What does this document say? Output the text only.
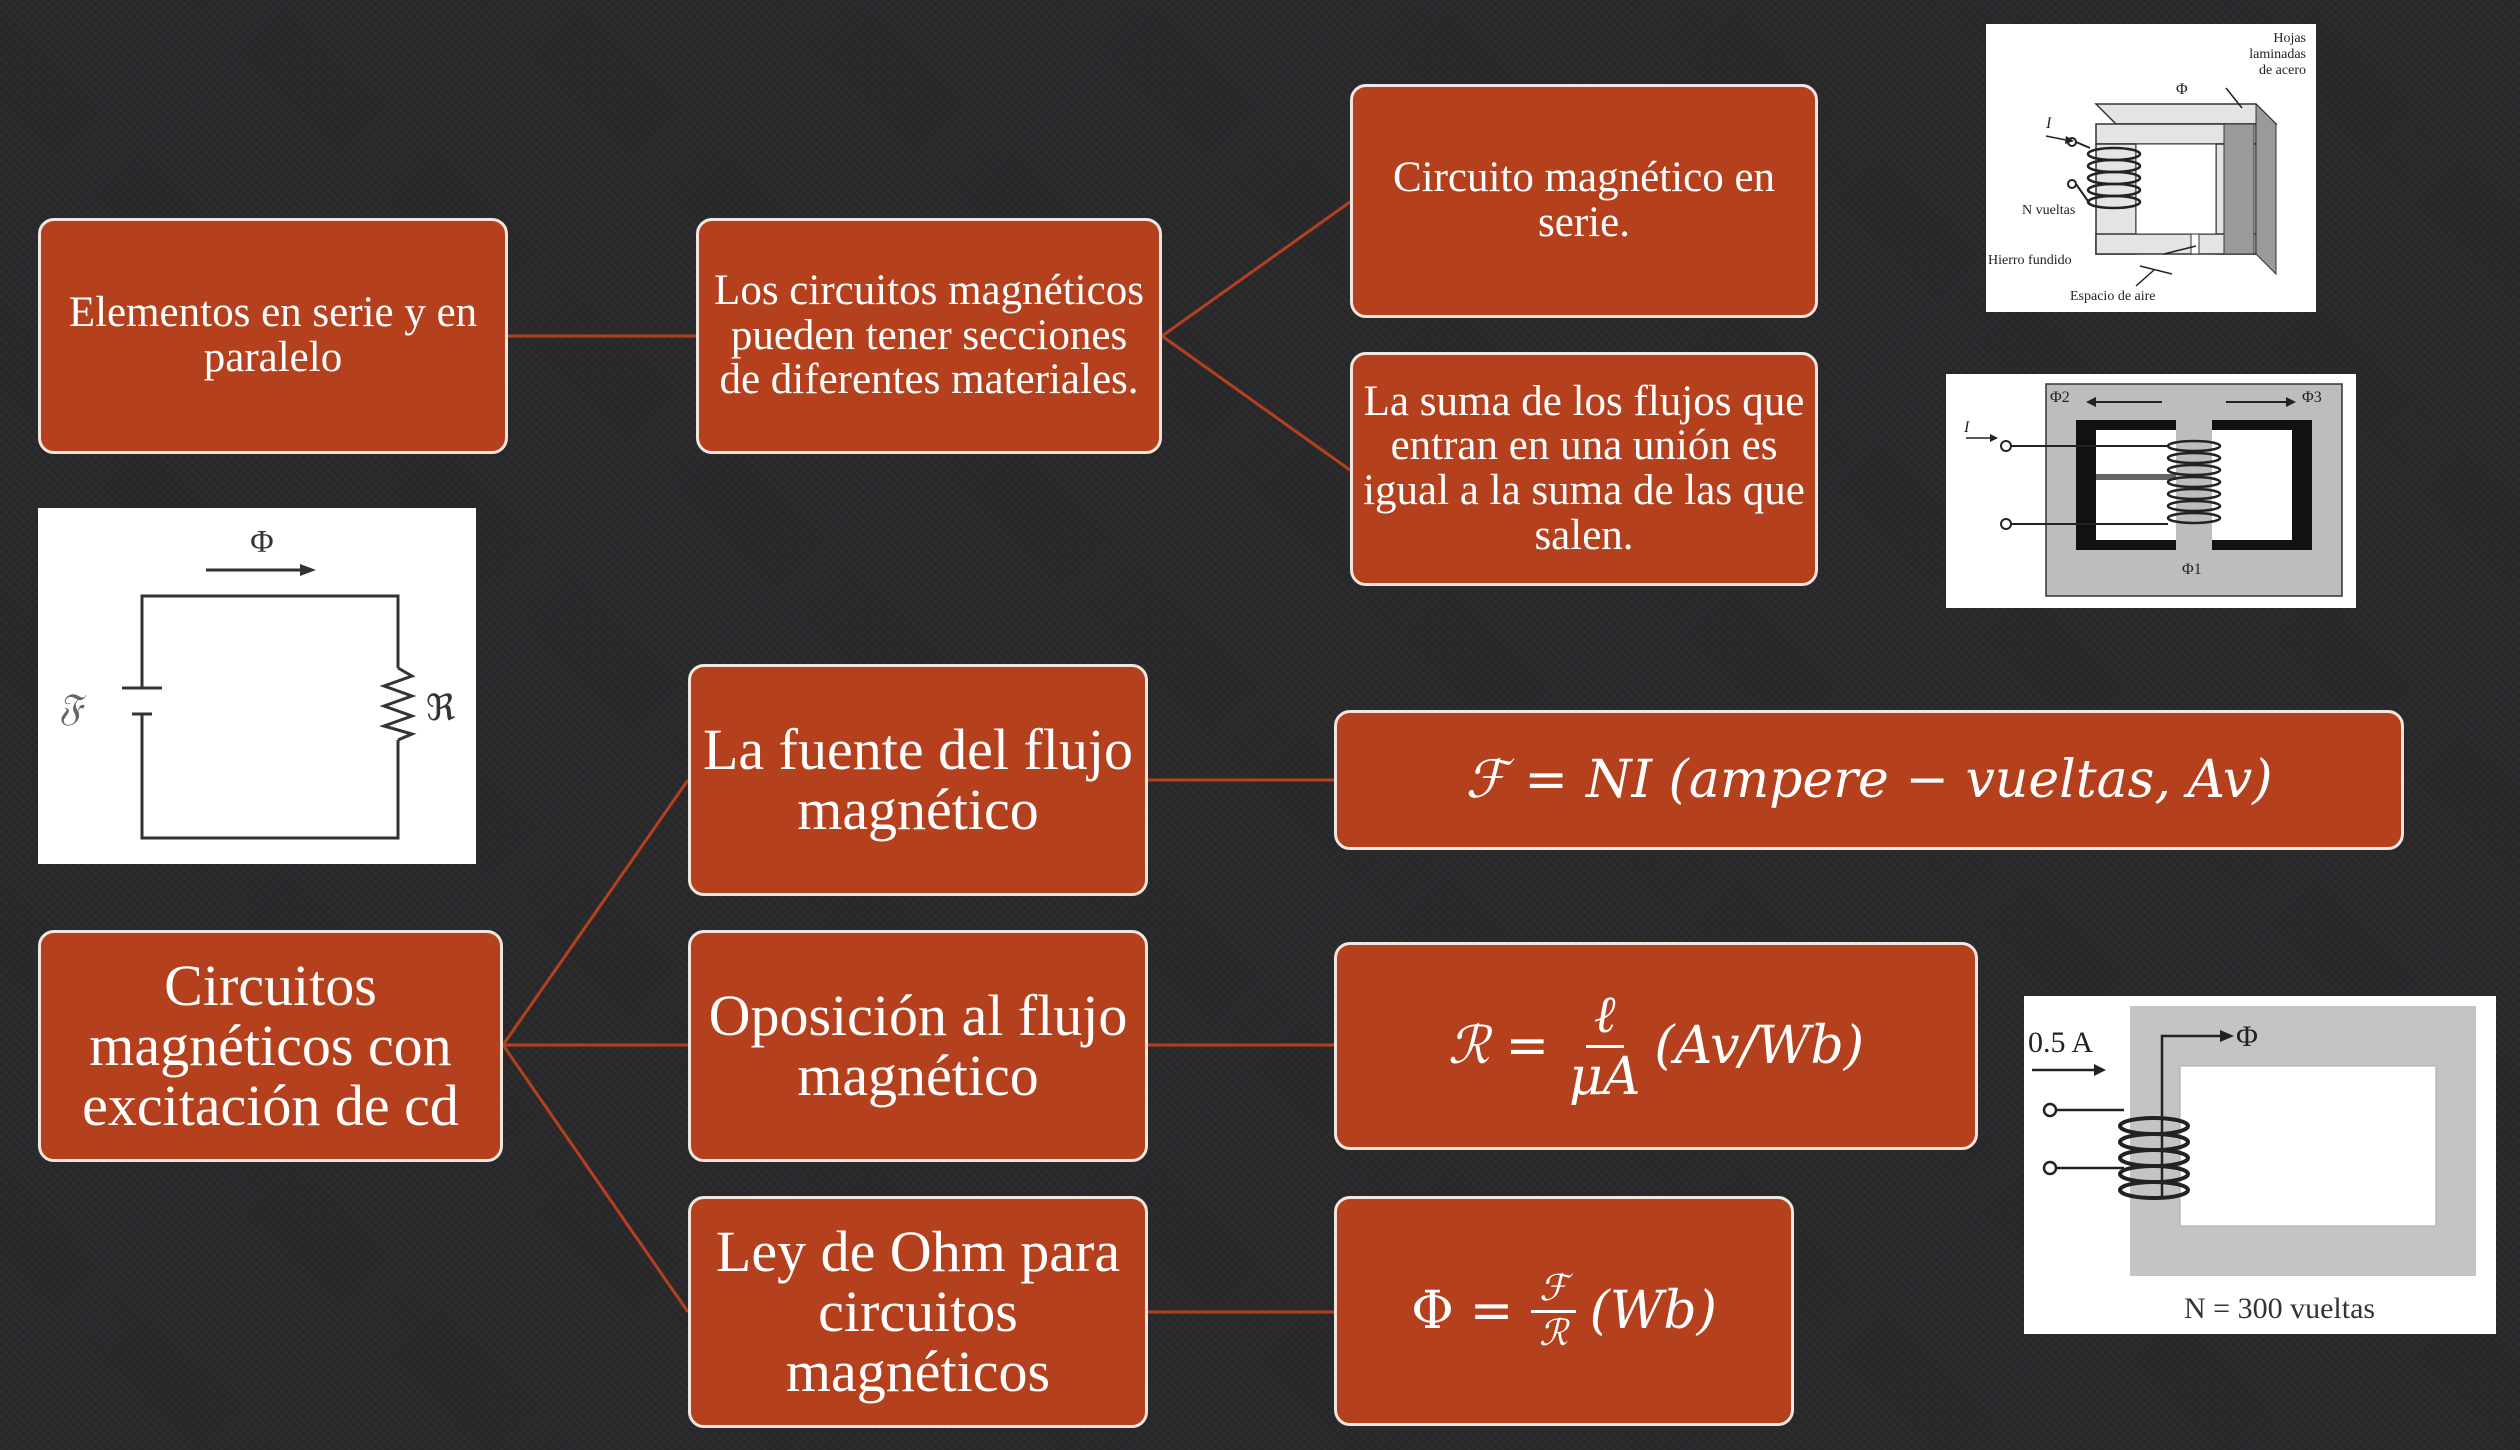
Elementos en serie y en paralelo
Los circuitos magnéticos pueden tener secciones de diferentes materiales.
Circuito magnético en serie.
La suma de los flujos que entran en una unión es igual a la suma de las que salen.
Circuitos magnéticos con excitación de cd
La fuente del flujo magnético
Oposición al flujo magnético
Ley de Ohm para circuitos magnéticos
ℱ = NI (ampere − vueltas, Av)
ℛ = $\frac{\text{ℓ}}{\mu A} (Av/Wb)$
$\Phi = \frac{\text{ℱ}}{\text{ℛ}} (Wb)$
Hojas
laminadas
de acero
Φ
I
N vueltas
Hierro fundido
Espacio de aire
I
Φ2	Φ3
Φ1
Φ
𝔉	ℜ
0.5 A	Φ
N = 300 vueltas
